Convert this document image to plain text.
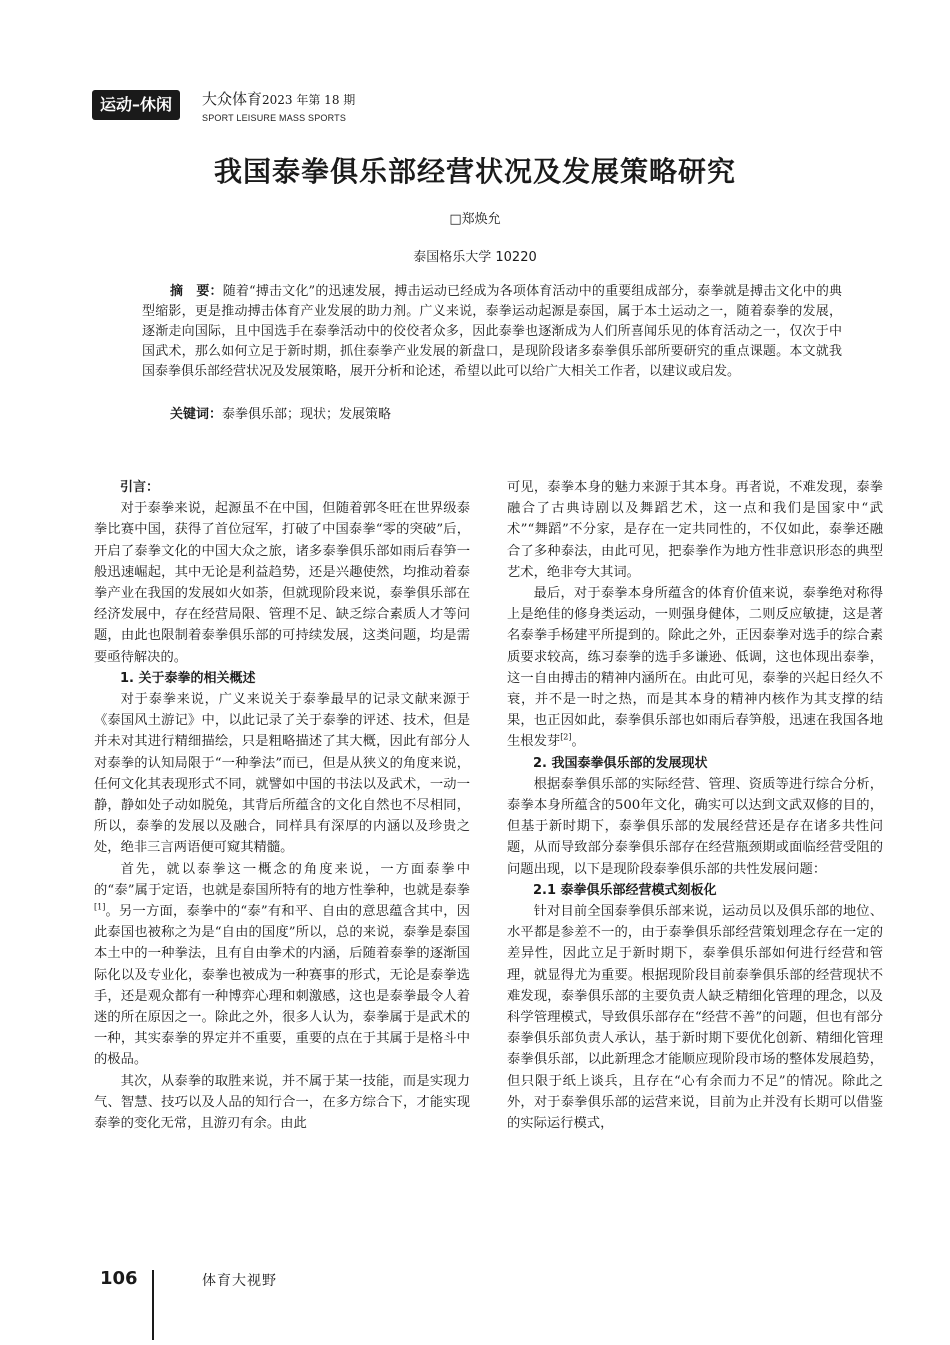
运动–休闲	大众体育2023 年第 18 期
SPORT LEISURE MASS SPORTS
我国泰拳俱乐部经营状况及发展策略研究
□郑焕允
泰国格乐大学 10220
摘　要：随着“搏击文化”的迅速发展，搏击运动已经成为各项体育活动中的重要组成部分，泰拳就是搏击文化中的典型缩影，更是推动搏击体育产业发展的助力剂。广义来说，泰拳运动起源是泰国，属于本土运动之一，随着泰拳的发展，逐渐走向国际，且中国选手在泰拳活动中的佼佼者众多，因此泰拳也逐渐成为人们所喜闻乐见的体育活动之一，仅次于中国武术，那么如何立足于新时期，抓住泰拳产业发展的新盘口，是现阶段诸多泰拳俱乐部所要研究的重点课题。本文就我国泰拳俱乐部经营状况及发展策略，展开分析和论述，希望以此可以给广大相关工作者，以建议或启发。
关键词：泰拳俱乐部；现状；发展策略

引言：

对于泰拳来说，起源虽不在中国，但随着郭冬旺在世界级泰拳比赛中国，获得了首位冠军，打破了中国泰拳“零的突破”后，开启了泰拳文化的中国大众之旅，诸多泰拳俱乐部如雨后春笋一般迅速崛起，其中无论是利益趋势，还是兴趣使然，均推动着泰拳产业在我国的发展如火如荼，但就现阶段来说，泰拳俱乐部在经济发展中，存在经营局限、管理不足、缺乏综合素质人才等问题，由此也限制着泰拳俱乐部的可持续发展，这类问题，均是需要亟待解决的。

1. 关于泰拳的相关概述

对于泰拳来说，广义来说关于泰拳最早的记录文献来源于《泰国风土游记》中，以此记录了关于泰拳的评述、技术，但是并未对其进行精细描绘，只是粗略描述了其大概，因此有部分人对泰拳的认知局限于“一种拳法”而已，但是从狭义的角度来说，任何文化其表现形式不同，就譬如中国的书法以及武术，一动一静，静如处子动如脱兔，其背后所蕴含的文化自然也不尽相同，所以，泰拳的发展以及融合，同样具有深厚的内涵以及珍贵之处，绝非三言两语便可窥其精髓。

首先，就以泰拳这一概念的角度来说，一方面泰拳中的“泰”属于定语，也就是泰国所特有的地方性拳种，也就是泰拳[1]。另一方面，泰拳中的“泰”有和平、自由的意思蕴含其中，因此泰国也被称之为是“自由的国度”所以，总的来说，泰拳是泰国本土中的一种拳法，且有自由拳术的内涵，后随着泰拳的逐渐国际化以及专业化，泰拳也被成为一种赛事的形式，无论是泰拳选手，还是观众都有一种博弈心理和刺激感，这也是泰拳最令人着迷的所在原因之一。除此之外，很多人认为，泰拳属于是武术的一种，其实泰拳的界定并不重要，重要的点在于其属于是格斗中的极品。

其次，从泰拳的取胜来说，并不属于某一技能，而是实现力气、智慧、技巧以及人品的知行合一，在多方综合下，才能实现泰拳的变化无常，且游刃有余。由此

可见，泰拳本身的魅力来源于其本身。再者说，不难发现，泰拳融合了古典诗剧以及舞蹈艺术，这一点和我们是国家中“武术”“舞蹈”不分家，是存在一定共同性的，不仅如此，泰拳还融合了多种泰法，由此可见，把泰拳作为地方性非意识形态的典型艺术，绝非夸大其词。

最后，对于泰拳本身所蕴含的体育价值来说，泰拳绝对称得上是绝佳的修身类运动，一则强身健体，二则反应敏捷，这是著名泰拳手杨建平所提到的。除此之外，正因泰拳对选手的综合素质要求较高，练习泰拳的选手多谦逊、低调，这也体现出泰拳，这一自由搏击的精神内涵所在。由此可见，泰拳的兴起日经久不衰，并不是一时之热，而是其本身的精神内核作为其支撑的结果，也正因如此，泰拳俱乐部也如雨后春笋般，迅速在我国各地生根发芽[2]。

2. 我国泰拳俱乐部的发展现状

根据泰拳俱乐部的实际经营、管理、资质等进行综合分析，泰拳本身所蕴含的500年文化，确实可以达到文武双修的目的，但基于新时期下，泰拳俱乐部的发展经营还是存在诸多共性问题，从而导致部分泰拳俱乐部存在经营瓶颈期或面临经营受阻的问题出现，以下是现阶段泰拳俱乐部的共性发展问题：

2.1 泰拳俱乐部经营模式刻板化

针对目前全国泰拳俱乐部来说，运动员以及俱乐部的地位、水平都是参差不一的，由于泰拳俱乐部经营策划理念存在一定的差异性，因此立足于新时期下，泰拳俱乐部如何进行经营和管理，就显得尤为重要。根据现阶段目前泰拳俱乐部的经营现状不难发现，泰拳俱乐部的主要负责人缺乏精细化管理的理念，以及科学管理模式，导致俱乐部存在“经营不善”的问题，但也有部分泰拳俱乐部负责人承认，基于新时期下要优化创新、精细化管理泰拳俱乐部，以此新理念才能顺应现阶段市场的整体发展趋势，但只限于纸上谈兵，且存在“心有余而力不足”的情况。除此之外，对于泰拳俱乐部的运营来说，目前为止并没有长期可以借鉴的实际运行模式，

106	体育大视野
